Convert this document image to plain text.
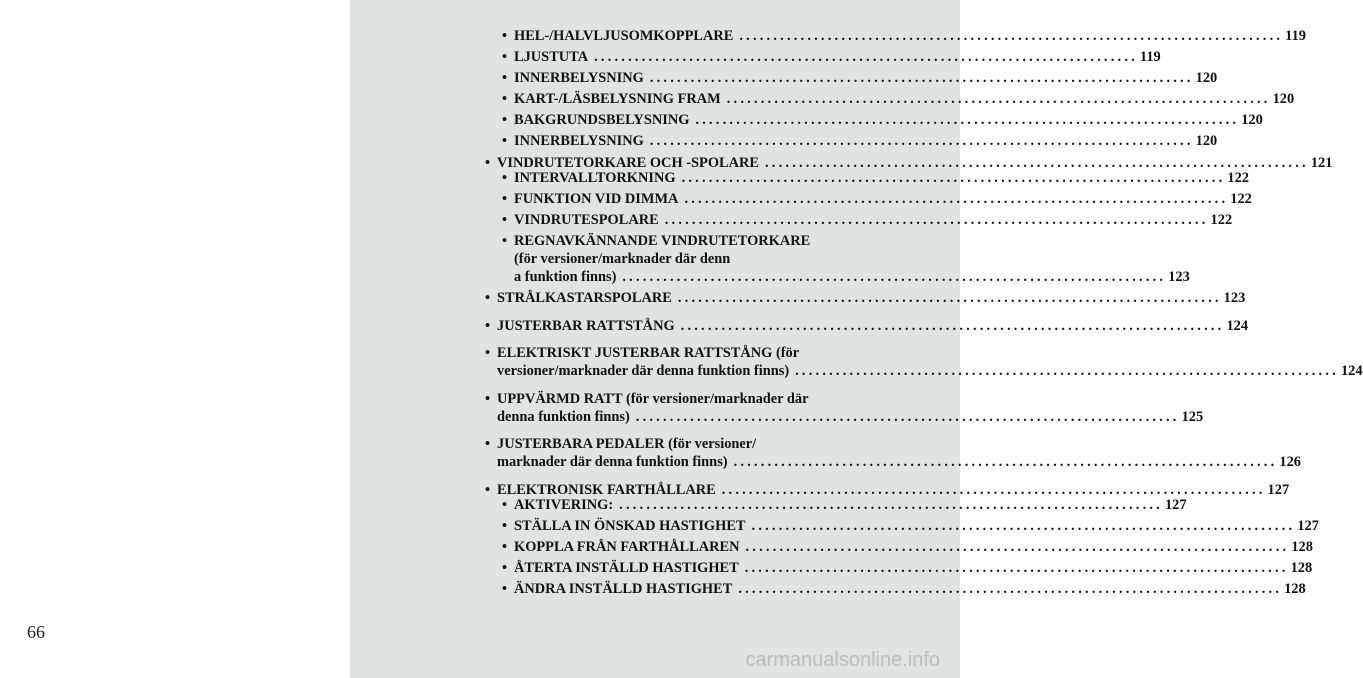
66
• HEL-/HALVLJUSOMKOPPLARE ................................................................................ 119
• LJUSTUTA ................................................................................ 119
• INNERBELYSNING ................................................................................ 120
• KART-/LÄSBELYSNING FRAM ................................................................................ 120
• BAKGRUNDSBELYSNING ................................................................................ 120
• INNERBELYSNING ................................................................................ 120
• VINDRUTETORKARE OCH -SPOLARE ................................................................................ 121
• INTERVALLTORKNING ................................................................................ 122
• FUNKTION VID DIMMA ................................................................................ 122
• VINDRUTESPOLARE ................................................................................ 122
• REGNAVKÄNNANDE VINDRUTETORKARE
(för versioner/marknader där denn
a funktion finns) ................................................................................ 123
• STRÅLKASTARSPOLARE ................................................................................ 123
• JUSTERBAR RATTSTÅNG ................................................................................ 124
• ELEKTRISKT JUSTERBAR RATTSTÅNG (för
versioner/marknader där denna funktion finns) ................................................................................ 124
• UPPVÄRMD RATT (för versioner/marknader där
denna funktion finns) ................................................................................ 125
• JUSTERBARA PEDALER (för versioner/
marknader där denna funktion finns) ................................................................................ 126
• ELEKTRONISK FARTHÅLLARE ................................................................................ 127
• AKTIVERING: ................................................................................ 127
• STÄLLA IN ÖNSKAD HASTIGHET ................................................................................ 127
• KOPPLA FRÅN FARTHÅLLAREN ................................................................................ 128
• ÅTERTA INSTÄLLD HASTIGHET ................................................................................ 128
• ÄNDRA INSTÄLLD HASTIGHET ................................................................................ 128
carmanualsonline.info
